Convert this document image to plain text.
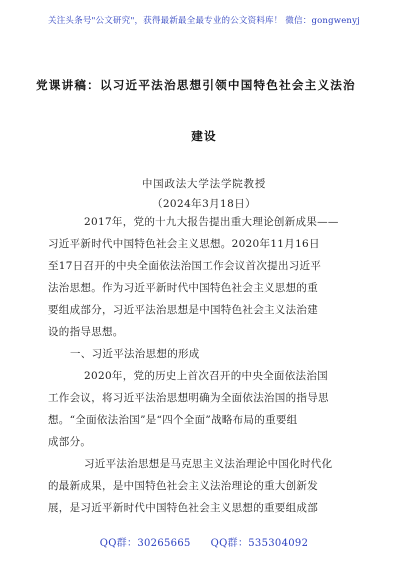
关注头条号"公文研究"，获得最新最全最专业的公文资料库！ 微信：gongwenyj
党课讲稿：以习近平法治思想引领中国特色社会主义法治
建设
中国政法大学法学院教授
（2024年3月18日）
2017年，党的十九大报告提出重大理论创新成果——
习近平新时代中国特色社会主义思想。2020年11月16日
至17日召开的中央全面依法治国工作会议首次提出习近平
法治思想。作为习近平新时代中国特色社会主义思想的重
要组成部分，习近平法治思想是中国特色社会主义法治建
设的指导思想。
一、习近平法治思想的形成
2020年，党的历史上首次召开的中央全面依法治国
工作会议，将习近平法治思想明确为全面依法治国的指导思
想。“全面依法治国”是“四个全面”战略布局的重要组
成部分。
习近平法治思想是马克思主义法治理论中国化时代化
的最新成果，是中国特色社会主义法治理论的重大创新发
展，是习近平新时代中国特色社会主义思想的重要组成部
QQ群：30265665 QQ群：535304092
